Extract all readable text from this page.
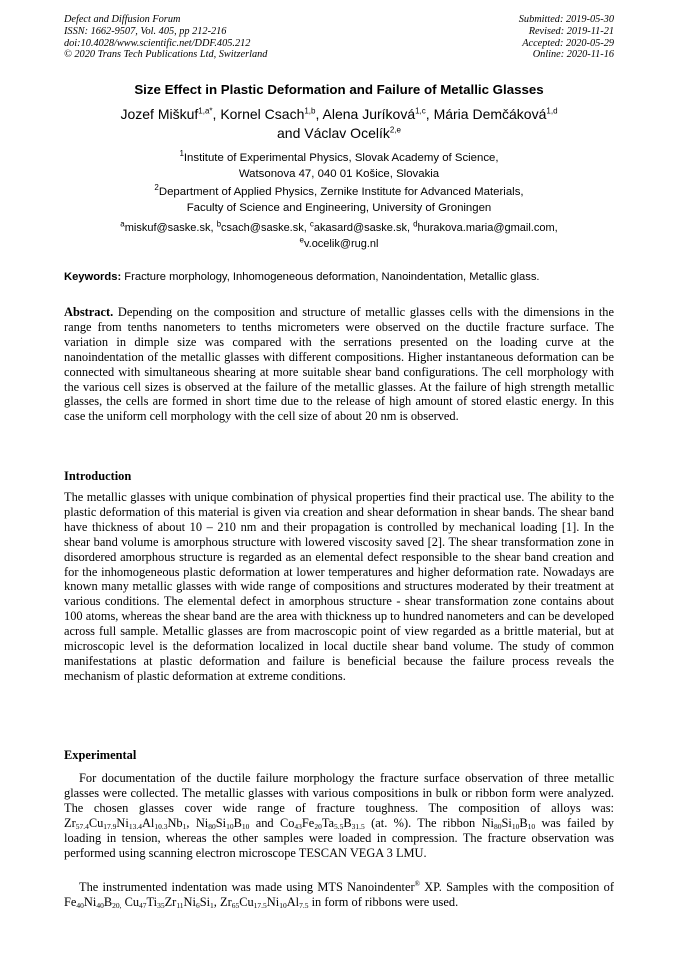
Defect and Diffusion Forum
ISSN: 1662-9507, Vol. 405, pp 212-216
doi:10.4028/www.scientific.net/DDF.405.212
© 2020 Trans Tech Publications Ltd, Switzerland
Submitted: 2019-05-30
Revised: 2019-11-21
Accepted: 2020-05-29
Online: 2020-11-16
Size Effect in Plastic Deformation and Failure of Metallic Glasses
Jozef Miškuf$^{1,a*}$, Kornel Csach$^{1,b}$, Alena Juríková$^{1,c}$, Mária Demčáková$^{1,d}$
and Václav Ocelík$^{2,e}$
$^1$Institute of Experimental Physics, Slovak Academy of Science,
Watsonova 47, 040 01 Košice, Slovakia
$^2$Department of Applied Physics, Zernike Institute for Advanced Materials,
Faculty of Science and Engineering, University of Groningen
$^a$miskuf@saske.sk, $^b$csach@saske.sk, $^c$akasard@saske.sk, $^d$hurakova.maria@gmail.com,
$^e$v.ocelik@rug.nl
Keywords: Fracture morphology, Inhomogeneous deformation, Nanoindentation, Metallic glass.
Abstract. Depending on the composition and structure of metallic glasses cells with the dimensions in the range from tenths nanometers to tenths micrometers were observed on the ductile fracture surface. The variation in dimple size was compared with the serrations presented on the loading curve at the nanoindentation of the metallic glasses with different compositions. Higher instantaneous deformation can be connected with simultaneous shearing at more suitable shear band configurations. The cell morphology with the various cell sizes is observed at the failure of the metallic glasses. At the failure of high strength metallic glasses, the cells are formed in short time due to the release of high amount of stored elastic energy. In this case the uniform cell morphology with the cell size of about 20 nm is observed.
Introduction
The metallic glasses with unique combination of physical properties find their practical use. The ability to the plastic deformation of this material is given via creation and shear deformation in shear bands. The shear band have thickness of about 10 – 210 nm and their propagation is controlled by mechanical loading [1]. In the shear band volume is amorphous structure with lowered viscosity saved [2]. The shear transformation zone in disordered amorphous structure is regarded as an elemental defect responsible to the shear band creation and for the inhomogeneous plastic deformation at lower temperatures and higher deformation rate. Nowadays are known many metallic glasses with wide range of compositions and structures moderated by their treatment at various conditions. The elemental defect in amorphous structure - shear transformation zone contains about 100 atoms, whereas the shear band are the area with thickness up to hundred nanometers and can be developed across full sample. Metallic glasses are from macroscopic point of view regarded as a brittle material, but at microscopic level is the deformation localized in local ductile shear band volume. The study of common manifestations at plastic deformation and failure is beneficial because the failure process reveals the mechanism of plastic deformation at extreme conditions.
Experimental
For documentation of the ductile failure morphology the fracture surface observation of three metallic glasses were collected. The metallic glasses with various compositions in bulk or ribbon form were analyzed. The chosen glasses cover wide range of fracture toughness. The composition of alloys was: $Zr_{57.4}Cu_{17.9}Ni_{13.4}Al_{10.3}Nb_1$, $Ni_{80}Si_{10}B_{10}$ and $Co_{43}Fe_{20}Ta_{5.5}B_{31.5}$ (at. %). The ribbon $Ni_{80}Si_{10}B_{10}$ was failed by loading in tension, whereas the other samples were loaded in compression. The fracture observation was performed using scanning electron microscope TESCAN VEGA 3 LMU.
The instrumented indentation was made using MTS Nanoindenter® XP. Samples with the composition of $Fe_{40}Ni_{40}B_{20,}$ $Cu_{47}Ti_{35}Zr_{11}Ni_6Si_1$, $Zr_{65}Cu_{17.5}Ni_{10}Al_{7.5}$ in form of ribbons were used.
